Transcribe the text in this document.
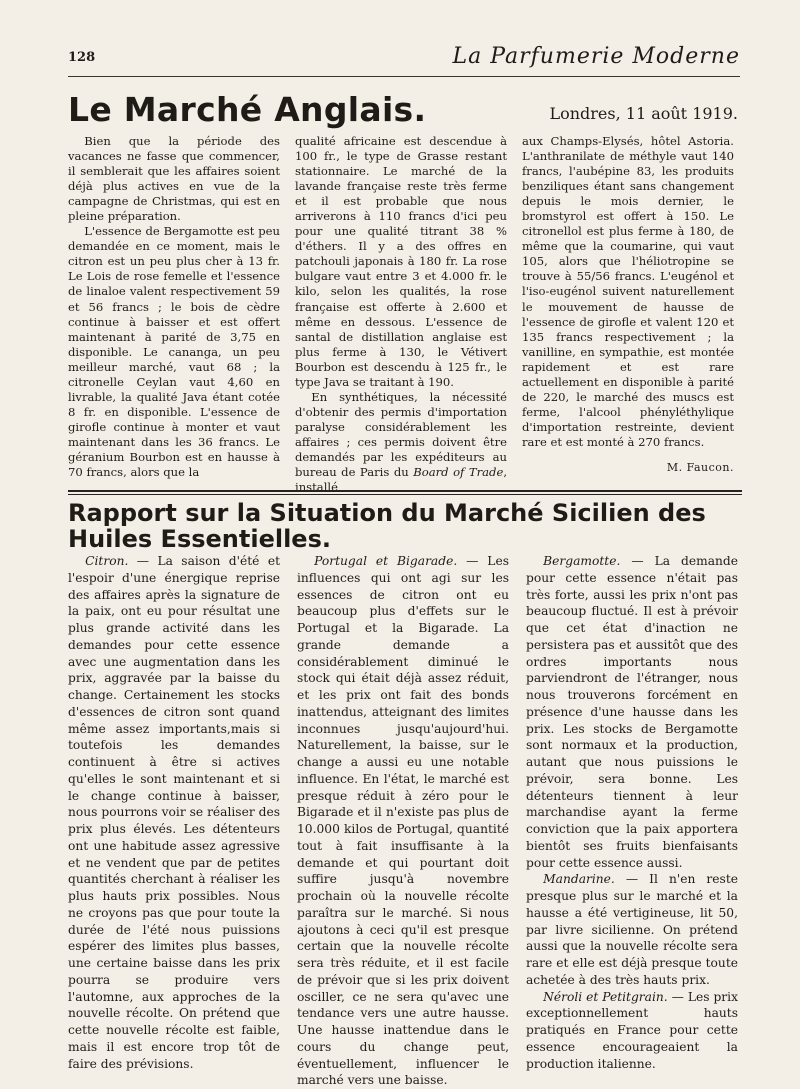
128	La Parfumerie Moderne
Le Marché Anglais.	Londres, 11 août 1919.

Bien que la période des vacances ne fasse que commencer, il semblerait que les affaires soient déjà plus actives en vue de la campagne de Christmas, qui est en pleine préparation.

L'essence de Bergamotte est peu demandée en ce moment, mais le citron est un peu plus cher à 13 fr. Le Lois de rose femelle et l'essence de linaloe valent respectivement 59 et 56 francs ; le bois de cèdre continue à baisser et est offert maintenant à parité de 3,75 en disponible. Le cananga, un peu meilleur marché, vaut 68 ; la citronelle Ceylan vaut 4,60 en livrable, la qualité Java étant cotée 8 fr. en disponible. L'essence de girofle continue à monter et vaut maintenant dans les 36 francs. Le géranium Bourbon est en hausse à 70 francs, alors que la

qualité africaine est descendue à 100 fr., le type de Grasse restant stationnaire. Le marché de la lavande française reste très ferme et il est probable que nous arriverons à 110 francs d'ici peu pour une qualité titrant 38 % d'éthers. Il y a des offres en patchouli japonais à 180 fr. La rose bulgare vaut entre 3 et 4.000 fr. le kilo, selon les qualités, la rose française est offerte à 2.600 et même en dessous. L'essence de santal de distillation anglaise est plus ferme à 130, le Vétivert Bourbon est descendu à 125 fr., le type Java se traitant à 190.

En synthétiques, la nécessité d'obtenir des permis d'importation paralyse considérablement les affaires ; ces permis doivent être demandés par les expéditeurs au bureau de Paris du Board of Trade, installé

aux Champs-Elysés, hôtel Astoria. L'anthranilate de méthyle vaut 140 francs, l'aubépine 83, les produits benziliques étant sans changement depuis le mois dernier, le bromstyrol est offert à 150. Le citronellol est plus ferme à 180, de même que la coumarine, qui vaut 105, alors que l'héliotropine se trouve à 55/56 francs. L'eugénol et l'iso-eugénol suivent naturellement le mouvement de hausse de l'essence de girofle et valent 120 et 135 francs respectivement ; la vanilline, en sympathie, est montée rapidement et est rare actuellement en disponible à parité de 220, le marché des muscs est ferme, l'alcool phényléthylique d'importation restreinte, devient rare et est monté à 270 francs.

M. Faucon.

Rapport sur la Situation du Marché Sicilien des Huiles Essentielles.

Citron. — La saison d'été et l'espoir d'une énergique reprise des affaires après la signature de la paix, ont eu pour résultat une plus grande activité dans les demandes pour cette essence avec une augmentation dans les prix, aggravée par la baisse du change. Certainement les stocks d'essences de citron sont quand même assez importants,mais si toutefois les demandes continuent à être si actives qu'elles le sont maintenant et si le change continue à baisser, nous pourrons voir se réaliser des prix plus élevés. Les détenteurs ont une habitude assez agressive et ne vendent que par de petites quantités cherchant à réaliser les plus hauts prix possibles. Nous ne croyons pas que pour toute la durée de l'été nous puissions espérer des limites plus basses, une certaine baisse dans les prix pourra se produire vers l'automne, aux approches de la nouvelle récolte. On prétend que cette nouvelle récolte est faible, mais il est encore trop tôt de faire des prévisions.

Portugal et Bigarade. — Les influences qui ont agi sur les essences de citron ont eu beaucoup plus d'effets sur le Portugal et la Bigarade. La grande demande a considérablement diminué le stock qui était déjà assez réduit, et les prix ont fait des bonds inattendus, atteignant des limites inconnues jusqu'aujourd'hui. Naturellement, la baisse, sur le change a aussi eu une notable influence. En l'état, le marché est presque réduit à zéro pour le Bigarade et il n'existe pas plus de 10.000 kilos de Portugal, quantité tout à fait insuffisante à la demande et qui pourtant doit suffire jusqu'à novembre prochain où la nouvelle récolte paraîtra sur le marché. Si nous ajoutons à ceci qu'il est presque certain que la nouvelle récolte sera très réduite, et il est facile de prévoir que si les prix doivent osciller, ce ne sera qu'avec une tendance vers une autre hausse. Une hausse inattendue dans le cours du change peut, éventuellement, influencer le marché vers une baisse.

Bergamotte. — La demande pour cette essence n'était pas très forte, aussi les prix n'ont pas beaucoup fluctué. Il est à prévoir que cet état d'inaction ne persistera pas et aussitôt que des ordres importants nous parviendront de l'étranger, nous nous trouverons forcément en présence d'une hausse dans les prix. Les stocks de Bergamotte sont normaux et la production, autant que nous puissions le prévoir, sera bonne. Les détenteurs tiennent à leur marchandise ayant la ferme conviction que la paix apportera bientôt ses fruits bienfaisants pour cette essence aussi.

Mandarine. — Il n'en reste presque plus sur le marché et la hausse a été vertigineuse, lit 50, par livre sicilienne. On prétend aussi que la nouvelle récolte sera rare et elle est déjà presque toute achetée à des très hauts prix.

Néroli et Petitgrain. — Les prix exceptionnellement hauts pratiqués en France pour cette essence encourageaient la production italienne.
